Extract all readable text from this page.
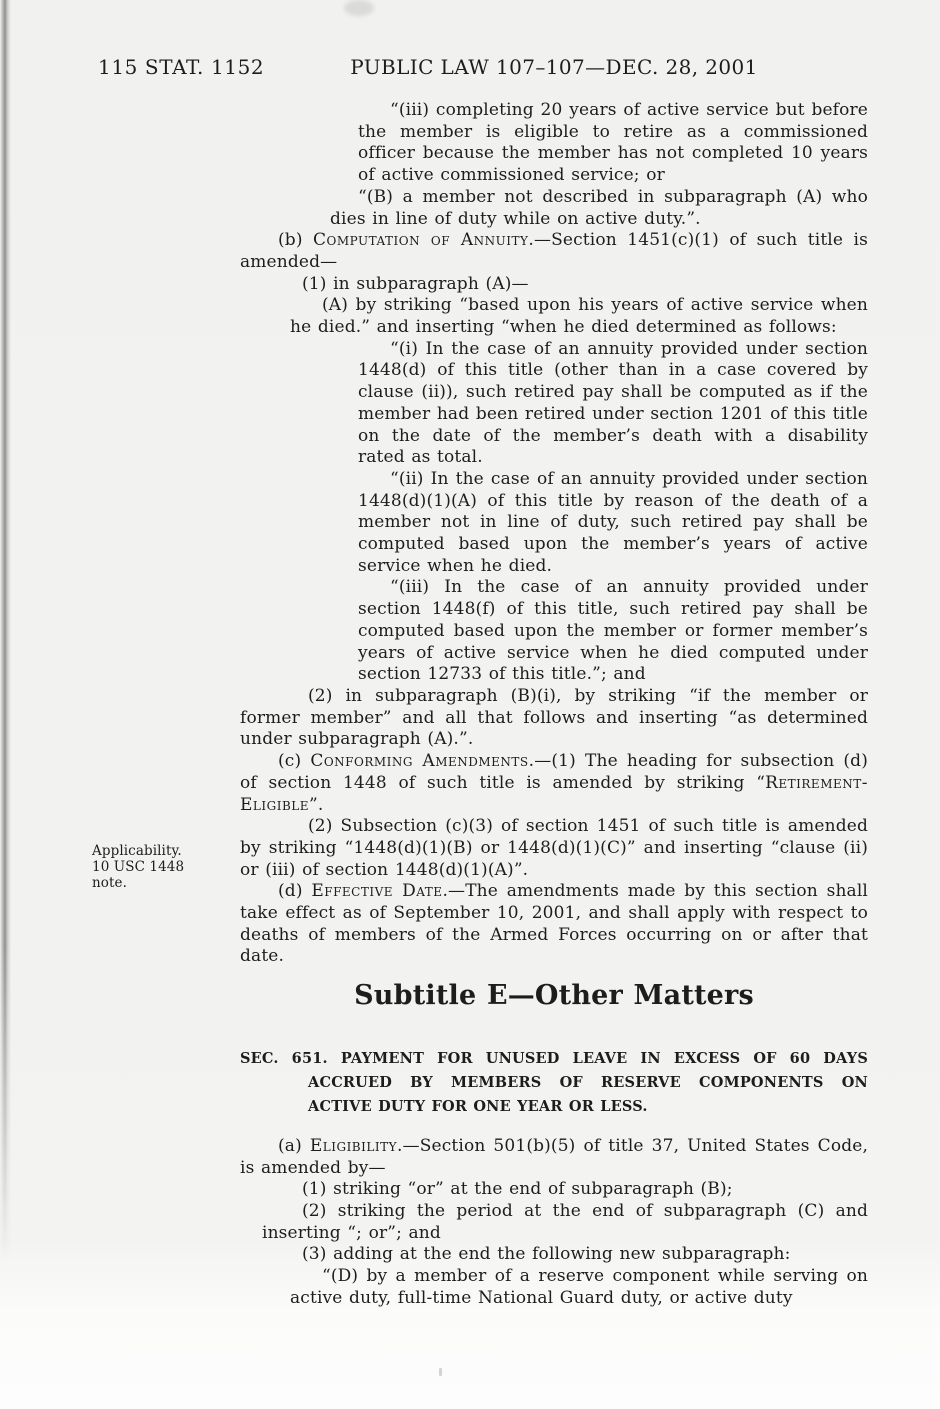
115 STAT. 1152	PUBLIC LAW 107–107—DEC. 28, 2001
Applicability.
10 USC 1448
note.
“(iii) completing 20 years of active service but before the member is eligible to retire as a commissioned officer because the member has not completed 10 years of active commissioned service; or
“(B) a member not described in subparagraph (A) who dies in line of duty while on active duty.”.
(b) Computation of Annuity.—Section 1451(c)(1) of such title is amended—
(1) in subparagraph (A)—
(A) by striking “based upon his years of active service when he died.” and inserting “when he died determined as follows:
“(i) In the case of an annuity provided under section 1448(d) of this title (other than in a case covered by clause (ii)), such retired pay shall be computed as if the member had been retired under section 1201 of this title on the date of the member’s death with a disability rated as total.
“(ii) In the case of an annuity provided under section 1448(d)(1)(A) of this title by reason of the death of a member not in line of duty, such retired pay shall be computed based upon the member’s years of active service when he died.
“(iii) In the case of an annuity provided under section 1448(f) of this title, such retired pay shall be computed based upon the member or former member’s years of active service when he died computed under section 12733 of this title.”; and
(2) in subparagraph (B)(i), by striking “if the member or former member” and all that follows and inserting “as determined under subparagraph (A).”.
(c) Conforming Amendments.—(1) The heading for subsection (d) of section 1448 of such title is amended by striking “Retirement-Eligible”.
(2) Subsection (c)(3) of section 1451 of such title is amended by striking “1448(d)(1)(B) or 1448(d)(1)(C)” and inserting “clause (ii) or (iii) of section 1448(d)(1)(A)”.
(d) Effective Date.—The amendments made by this section shall take effect as of September 10, 2001, and shall apply with respect to deaths of members of the Armed Forces occurring on or after that date.
Subtitle E—Other Matters
SEC. 651. PAYMENT FOR UNUSED LEAVE IN EXCESS OF 60 DAYS
ACCRUED BY MEMBERS OF RESERVE COMPONENTS ON
ACTIVE DUTY FOR ONE YEAR OR LESS.
(a) Eligibility.—Section 501(b)(5) of title 37, United States Code, is amended by—
(1) striking “or” at the end of subparagraph (B);
(2) striking the period at the end of subparagraph (C) and inserting “; or”; and
(3) adding at the end the following new subparagraph:
“(D) by a member of a reserve component while serving on active duty, full-time National Guard duty, or active duty
